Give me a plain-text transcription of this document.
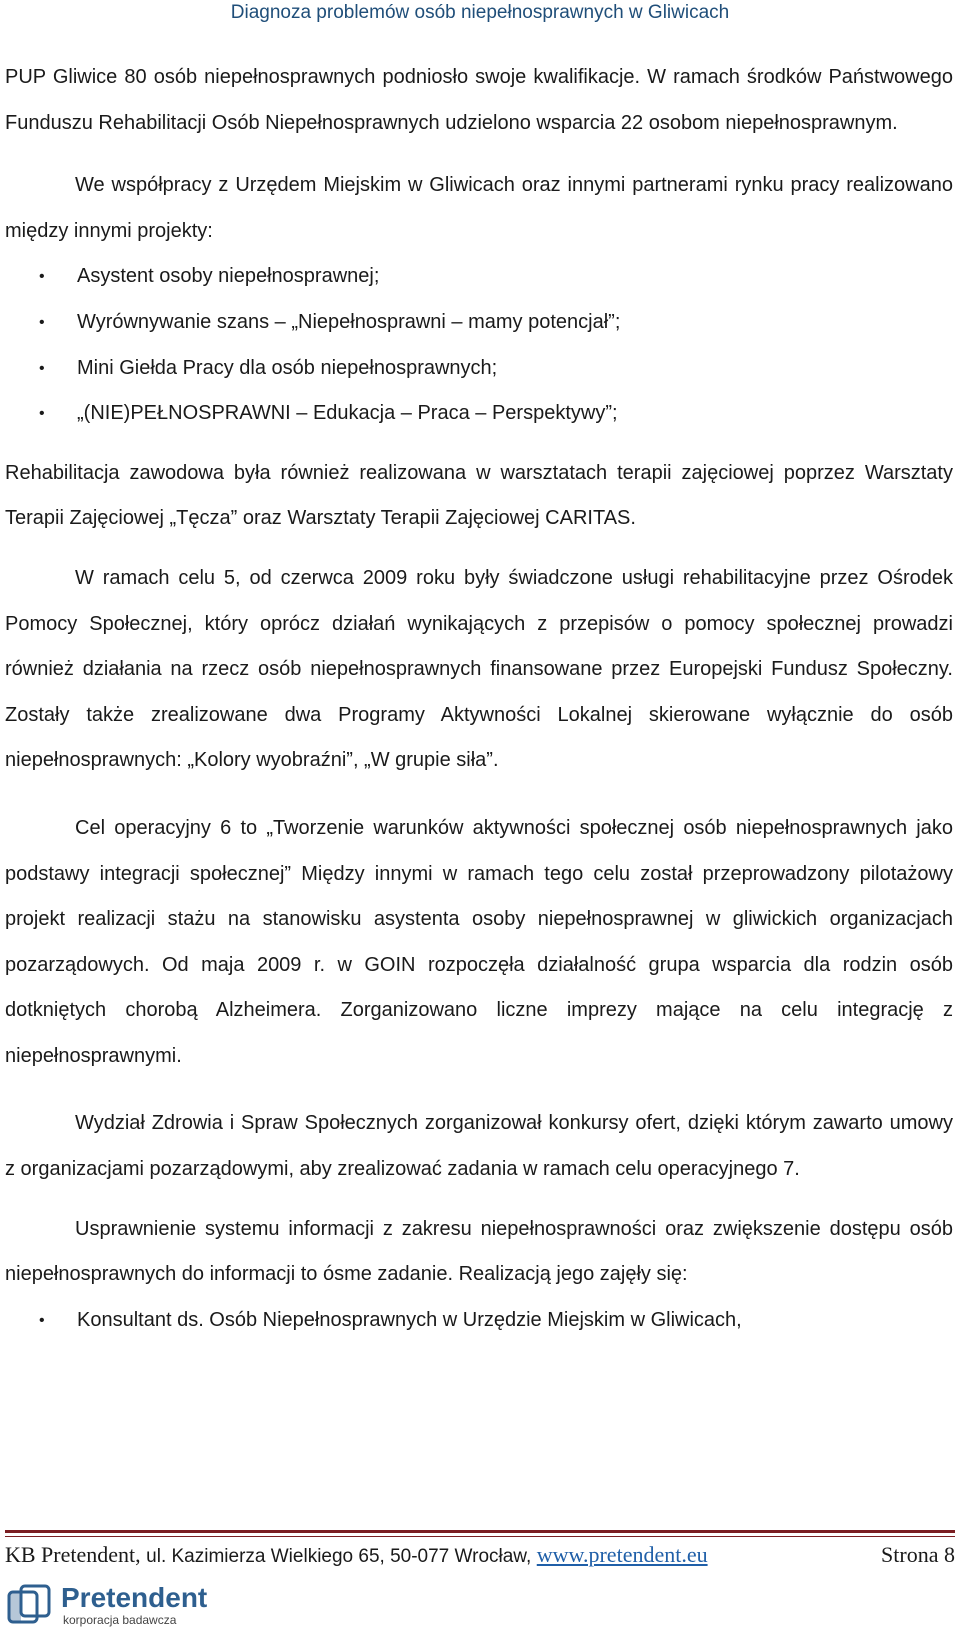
Diagnoza problemów osób niepełnosprawnych w Gliwicach

PUP Gliwice 80 osób niepełnosprawnych podniosło swoje kwalifikacje. W ramach środków Państwowego Funduszu Rehabilitacji Osób Niepełnosprawnych udzielono wsparcia 22 osobom niepełnosprawnym.

We współpracy z Urzędem Miejskim w Gliwicach oraz innymi partnerami rynku pracy realizowano między innymi projekty:

• Asystent osoby niepełnosprawnej;
• Wyrównywanie szans – „Niepełnosprawni – mamy potencjał”;
• Mini Giełda Pracy dla osób niepełnosprawnych;
• „(NIE)PEŁNOSPRAWNI – Edukacja – Praca – Perspektywy”;

Rehabilitacja zawodowa była również realizowana w warsztatach terapii zajęciowej poprzez Warsztaty Terapii Zajęciowej „Tęcza” oraz Warsztaty Terapii Zajęciowej CARITAS.

W ramach celu 5, od czerwca 2009 roku były świadczone usługi rehabilitacyjne przez Ośrodek Pomocy Społecznej, który oprócz działań wynikających z przepisów o pomocy społecznej prowadzi również działania na rzecz osób niepełnosprawnych finansowane przez Europejski Fundusz Społeczny. Zostały także zrealizowane dwa Programy Aktywności Lokalnej skierowane wyłącznie do osób niepełnosprawnych: „Kolory wyobraźni”, „W grupie siła”.

Cel operacyjny 6 to „Tworzenie warunków aktywności społecznej osób niepełnosprawnych jako podstawy integracji społecznej” Między innymi w ramach tego celu został przeprowadzony pilotażowy projekt realizacji stażu na stanowisku asystenta osoby niepełnosprawnej w gliwickich organizacjach pozarządowych. Od maja 2009 r. w GOIN rozpoczęła działalność grupa wsparcia dla rodzin osób dotkniętych chorobą Alzheimera. Zorganizowano liczne imprezy mające na celu integrację z niepełnosprawnymi.

Wydział Zdrowia i Spraw Społecznych zorganizował konkursy ofert, dzięki którym zawarto umowy z organizacjami pozarządowymi, aby zrealizować zadania w ramach celu operacyjnego 7.

Usprawnienie systemu informacji z zakresu niepełnosprawności oraz zwiększenie dostępu osób niepełnosprawnych do informacji to ósme zadanie. Realizacją jego zajęły się:

• Konsultant ds. Osób Niepełnosprawnych w Urzędzie Miejskim w Gliwicach,
KB Pretendent, ul. Kazimierza Wielkiego 65, 50-077 Wrocław, www.pretendent.eu	Strona 8
Pretendent
korporacja badawcza
